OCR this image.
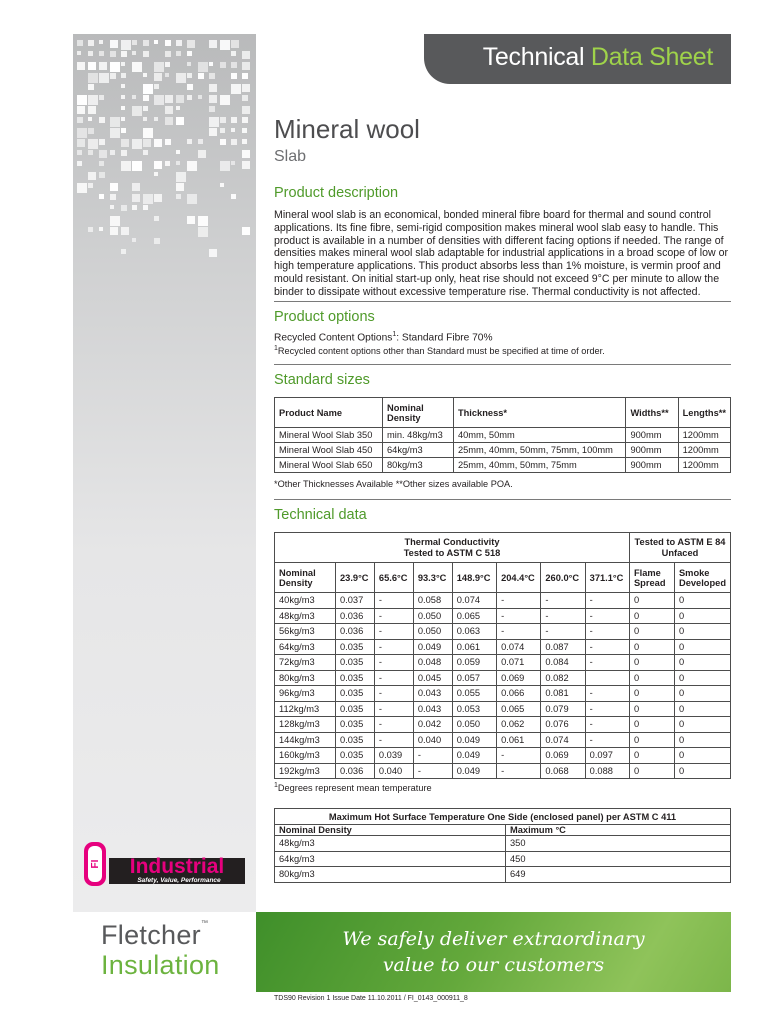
Technical Data Sheet
Mineral wool
Slab
Product description
Mineral wool slab is an economical, bonded mineral fibre board for thermal and sound control applications. Its fine fibre, semi-rigid composition makes mineral wool slab easy to handle. This product is available in a number of densities with different facing options if needed. The range of densities makes mineral wool slab adaptable for industrial applications in a broad scope of low or high temperature applications. This product absorbs less than 1% moisture, is vermin proof and mould resistant. On initial start-up only, heat rise should not exceed 9°C per minute to allow the binder to dissipate without excessive temperature rise. Thermal conductivity is not affected.
Product options
Recycled Content Options$^1$: Standard Fibre 70%
$^1$Recycled content options other than Standard must be specified at time of order.
Standard sizes
Product Name	Nominal Density	Thickness*	Widths**	Lengths**
Mineral Wool Slab 350	min. 48kg/m3	40mm, 50mm	900mm	1200mm
Mineral Wool Slab 450	64kg/m3	25mm, 40mm, 50mm, 75mm, 100mm	900mm	1200mm
Mineral Wool Slab 650	80kg/m3	25mm, 40mm, 50mm, 75mm	900mm	1200mm
*Other Thicknesses Available **Other sizes available POA.
Technical data
Thermal Conductivity
Tested to ASTM C 518								Tested to ASTM E 84
Unfaced	
Nominal Density	23.9°C	65.6°C	93.3°C	148.9°C	204.4°C	260.0°C	371.1°C	Flame Spread	Smoke Developed
40kg/m3	0.037	-	0.058	0.074	-	-	-	0	0
48kg/m3	0.036	-	0.050	0.065	-	-	-	0	0
56kg/m3	0.036	-	0.050	0.063	-	-	-	0	0
64kg/m3	0.035	-	0.049	0.061	0.074	0.087	-	0	0
72kg/m3	0.035	-	0.048	0.059	0.071	0.084	-	0	0
80kg/m3	0.035	-	0.045	0.057	0.069	0.082		0	0
96kg/m3	0.035	-	0.043	0.055	0.066	0.081	-	0	0
112kg/m3	0.035	-	0.043	0.053	0.065	0.079	-	0	0
128kg/m3	0.035	-	0.042	0.050	0.062	0.076	-	0	0
144kg/m3	0.035	-	0.040	0.049	0.061	0.074	-	0	0
160kg/m3	0.035	0.039	-	0.049	-	0.069	0.097	0	0
192kg/m3	0.036	0.040	-	0.049	-	0.068	0.088	0	0
$^1$Degrees represent mean temperature
Maximum Hot Surface Temperature One Side (enclosed panel) per ASTM C 411	
Nominal Density	Maximum °C
48kg/m3	350
64kg/m3	450
80kg/m3	649
FI Industrial
Safety, Value, Performance
Fletcher™
Insulation
We safely deliver extraordinary
value to our customers
TDS90 Revision 1 Issue Date 11.10.2011 / FI_0143_000911_8
